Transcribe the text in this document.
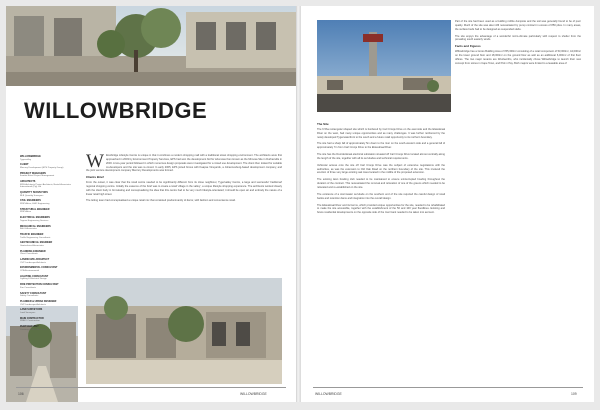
WILLOWBRIDGE
WILLOWBRIDGE
Tygervalley
CLIENT
Mercury Development (EPS Property Group)
PROJECT MANAGERS
Ikemba Retail Project Management
ARCHITECTS
MDS Architects Project Architects; Bentel Associates International (Pty) Ltd
QUANTITY SURVEYORS
RLB Quantity Surveyors
CIVIL ENGINEERS
WSP Africa; HHO Engineering
STRUCTURAL ENGINEER
WSP Africa
ELECTRICAL ENGINEERS
Tegnon Engineering Services
MECHANICAL ENGINEERS
Bolt & Associates
TRAFFIC ENGINEER
Traffic Engineering Consultants
GEOTECHNICAL ENGINEER
Geotechnical Associates
PLANNING ENGINEER
Client Consultants
LANDSCAPE ARCHITECT
OVP Landscape Architects
ENVIRONMENTAL CONSULTANT
CCA Environmental
LIGHTING CONSULTANT
Lighting & Electrical Design
FIRE PROTECTION CONSULTANT
Fire Consultants
SAFETY CONSULTANT
Safety Consultants
PLANNER & URBAN DESIGNER
OVP Landscape Architects
LAND SURVEYORS
Land Surveyors
MAIN CONTRACTOR
WBHO Construction
PHOTOGRAPHY
Courtesy of MDS Architects

Willowbridge Lifestyle Centre is unique in that it combines a modern shopping mall with a traditional street shopping environment. The architects were first approached in 2003 by Environment Property Services, EPS had won the development bid for what was then known as the Mimosa Site in Durbanville in 2003. A two-year period followed in which numerous design proposals were investigated for a mixed use development. The client then looked for suitable co-developers and the site was re-zoned. In early 2005, EPS joined forces with Kaapse Vineyards, a Johannesburg-based development company, and the joint venture development company Mercury Developments was formed.

Clients Brief

From the outset, it was clear that the retail centre needed to be significantly different from its close neighbour, Tygervalley Centre, a large and successful 'traditional' regional shopping centre. Initially the essence of the brief was to create a retail 'village in the valley', a unique lifestyle shopping experience. The architects worked closely with the client body in formulating and conceptualising the idea that this centre had to be very much lifestyle-orientated; it should be open air and embody the nature of a linear retail high street.

The letting team had conceptualised a unique retail mix that consisted predominantly of décor, with fashion and convenience retail.

106	WILLOWBRIDGE
The Site

The 6.5ha rectangular shaped site which is bordered by Carl Cronje Drive on the east side and the Elsieskraal River on the west, had many unique opportunities and as many challenges. It was further reinforced by the newly developed Tygerwaterfront to the south and a future retail opportunity to its northern boundary.

The site had a sharp fall of approximately 5m down to the river on the south-western side and a general fall of approximately 7m from Carl Cronje Drive to the Elsieskraal River.

The site has the Doordenkraal electrical substation situated off Carl Cronje Drive located almost centrally along the length of the site, together with all its servitudes and technical requirements.

Vehicular access onto the site off Carl Cronje Drive was the subject of extensive negotiations with the authorities, as was the extension to Old Oak Road on the northern boundary of the site. This involved the erection of three very large existing oak trees located in the middle of the proposed extension.

The existing lawn bowling club needed to be maintained to ensure uninterrupted bowling throughout the duration of the contract. This necessitated the removal and relocation of one of the greens which needed to be relocated and re-established on the site.

The existence of a stormwater servitude on the southern end of the site required the careful design of retail banks and retention dams and integration into the overall design.

The Elsieskraal River and its berms, which provided unique opportunities for the site, needed to be rehabilitated to make the site accessible, together with the establishment of the 50 and 100 year floodlines. Existing and future residential developments on the opposite side of the river bank needed to be taken into account.

Part of the site had been used as a building rubble dumpsite and the soil was generally found to be of poor quality. Much of the site was also infill necessitated by pump contract in excess of 850 piles. In many areas, the surface beds had to be designed as suspended slabs.

The site enjoys the advantage of a wonderful micro-climate particularly with respect to shelter from the prevailing south easterly winds.

Facts and Figures

Willowbridge has a Gross Building Area of ±55,300m² consisting of a retail component of 53,000m², 44,000m² on the lower ground floor and 18,000m² on the ground floor as well as an additional 6,000m² of first floor offices. The two major tenants are Woolworths, who incidentally chose Willowbridge to launch their new concept from stores in Cape Town, and Pick n Pay. Both majors were limited to a leasable area of

WILLOWBRIDGE	109
